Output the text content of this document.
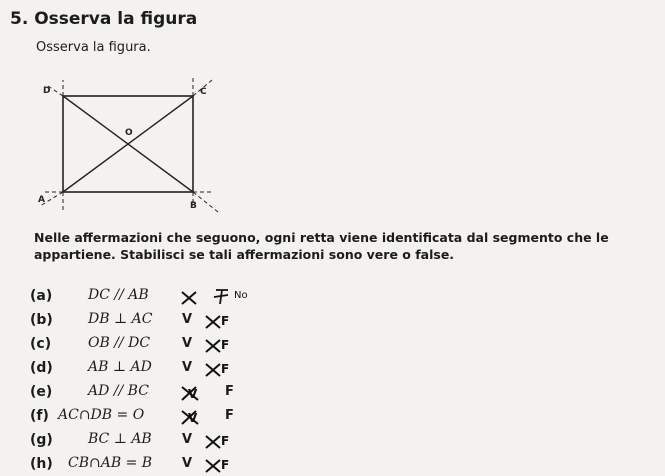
5. Osserva la figura
Osserva la figura.
D	C
O
A
B
Nelle affermazioni che seguono, ogni retta viene identificata dal segmento che le appartiene. Stabilisci se tali affermazioni sono vere o false.
(a)	DC // AB	No
(b)	DB ⊥ AC V F
(c)	OB // DC V F
(d)	AB ⊥ AD V F
(e)	AD // BC	V F
(f) AC∩DB = O	V F
(g)	BC ⊥ AB V F
(h) CB∩AB = B V F
